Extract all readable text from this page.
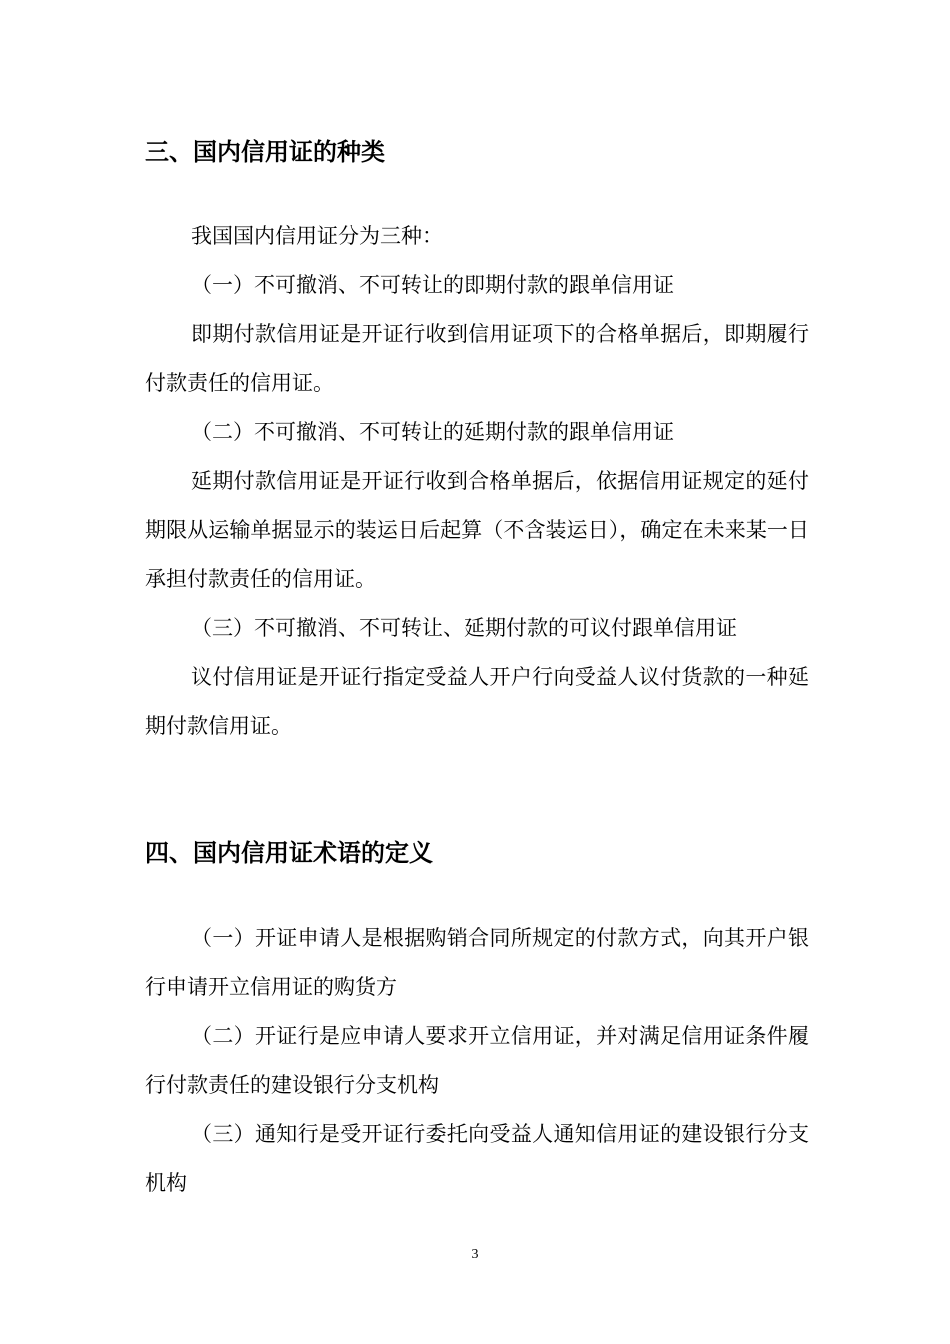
三、国内信用证的种类

我国国内信用证分为三种：

（一）不可撤消、不可转让的即期付款的跟单信用证

即期付款信用证是开证行收到信用证项下的合格单据后，即期履行付款责任的信用证。

（二）不可撤消、不可转让的延期付款的跟单信用证

延期付款信用证是开证行收到合格单据后，依据信用证规定的延付期限从运输单据显示的装运日后起算（不含装运日），确定在未来某一日承担付款责任的信用证。

（三）不可撤消、不可转让、延期付款的可议付跟单信用证

议付信用证是开证行指定受益人开户行向受益人议付货款的一种延期付款信用证。

四、国内信用证术语的定义

（一）开证申请人是根据购销合同所规定的付款方式，向其开户银行申请开立信用证的购货方

（二）开证行是应申请人要求开立信用证，并对满足信用证条件履行付款责任的建设银行分支机构

（三）通知行是受开证行委托向受益人通知信用证的建设银行分支机构

3
